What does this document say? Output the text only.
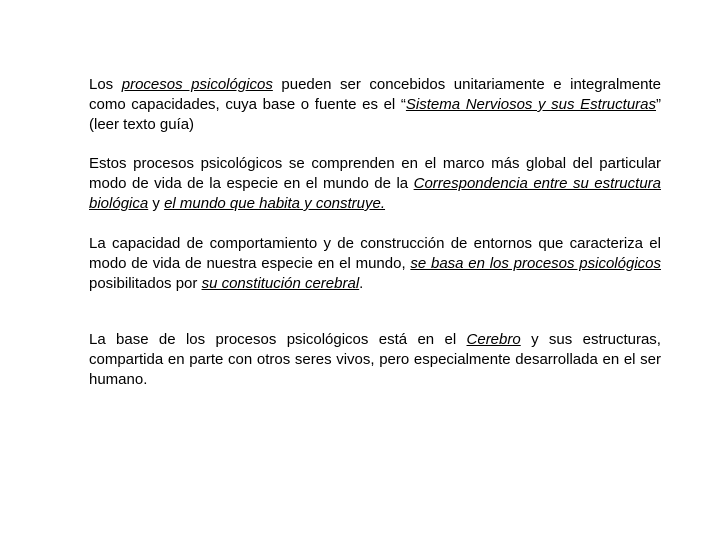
Los procesos psicológicos pueden ser concebidos unitariamente e integralmente como capacidades, cuya base o fuente es el “Sistema Nerviosos y sus Estructuras” (leer texto guía)

Estos procesos psicológicos se comprenden en el marco más global del particular modo de vida de la especie en el mundo de la Correspondencia entre su estructura biológica y el mundo que habita y construye.

La capacidad de comportamiento y de construcción de entornos que caracteriza el modo de vida de nuestra especie en el mundo, se basa en los procesos psicológicos posibilitados por su constitución cerebral.

La base de los procesos psicológicos está en el Cerebro y sus estructuras, compartida en parte con otros seres vivos, pero especialmente desarrollada en el ser humano.
